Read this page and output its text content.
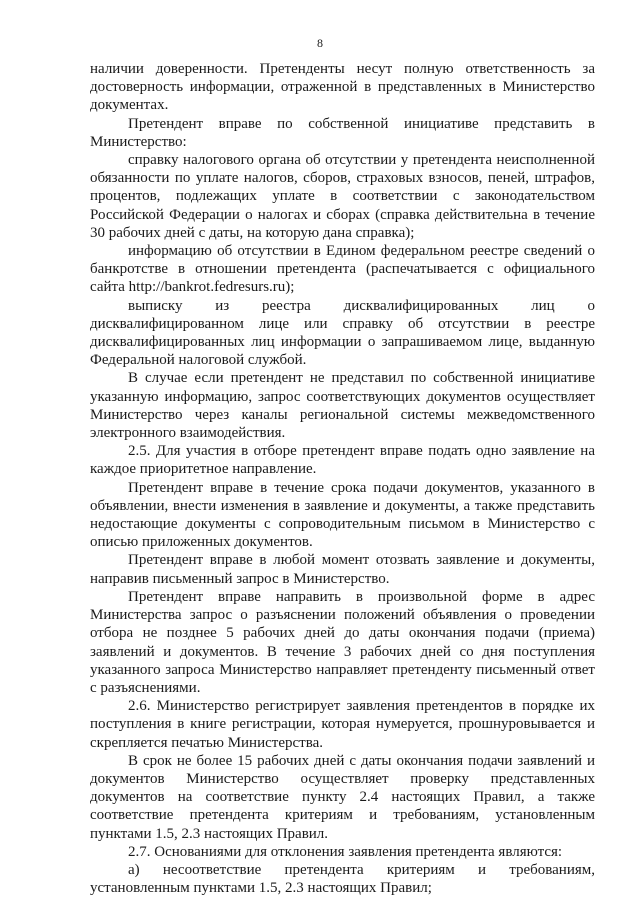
8

наличии доверенности. Претенденты несут полную ответственность за достоверность информации, отраженной в представленных в Министерство документах.

Претендент вправе по собственной инициативе представить в Министерство:

справку налогового органа об отсутствии у претендента неисполненной обязанности по уплате налогов, сборов, страховых взносов, пеней, штрафов, процентов, подлежащих уплате в соответствии с законодательством Российской Федерации о налогах и сборах (справка действительна в течение 30 рабочих дней с даты, на которую дана справка);

информацию об отсутствии в Едином федеральном реестре сведений о банкротстве в отношении претендента (распечатывается с официального сайта http://bankrot.fedresurs.ru);

выписку из реестра дисквалифицированных лиц о дисквалифицированном лице или справку об отсутствии в реестре дисквалифицированных лиц информации о запрашиваемом лице, выданную Федеральной налоговой службой.

В случае если претендент не представил по собственной инициативе указанную информацию, запрос соответствующих документов осуществляет Министерство через каналы региональной системы межведомственного электронного взаимодействия.

2.5. Для участия в отборе претендент вправе подать одно заявление на каждое приоритетное направление.

Претендент вправе в течение срока подачи документов, указанного в объявлении, внести изменения в заявление и документы, а также представить недостающие документы с сопроводительным письмом в Министерство с описью приложенных документов.

Претендент вправе в любой момент отозвать заявление и документы, направив письменный запрос в Министерство.

Претендент вправе направить в произвольной форме в адрес Министерства запрос о разъяснении положений объявления о проведении отбора не позднее 5 рабочих дней до даты окончания подачи (приема) заявлений и документов. В течение 3 рабочих дней со дня поступления указанного запроса Министерство направляет претенденту письменный ответ с разъяснениями.

2.6. Министерство регистрирует заявления претендентов в порядке их поступления в книге регистрации, которая нумеруется, прошнуровывается и скрепляется печатью Министерства.

В срок не более 15 рабочих дней с даты окончания подачи заявлений и документов Министерство осуществляет проверку представленных документов на соответствие пункту 2.4 настоящих Правил, а также соответствие претендента критериям и требованиям, установленным пунктами 1.5, 2.3 настоящих Правил.

2.7. Основаниями для отклонения заявления претендента являются:

а) несоответствие претендента критериям и требованиям, установленным пунктами 1.5, 2.3 настоящих Правил;
